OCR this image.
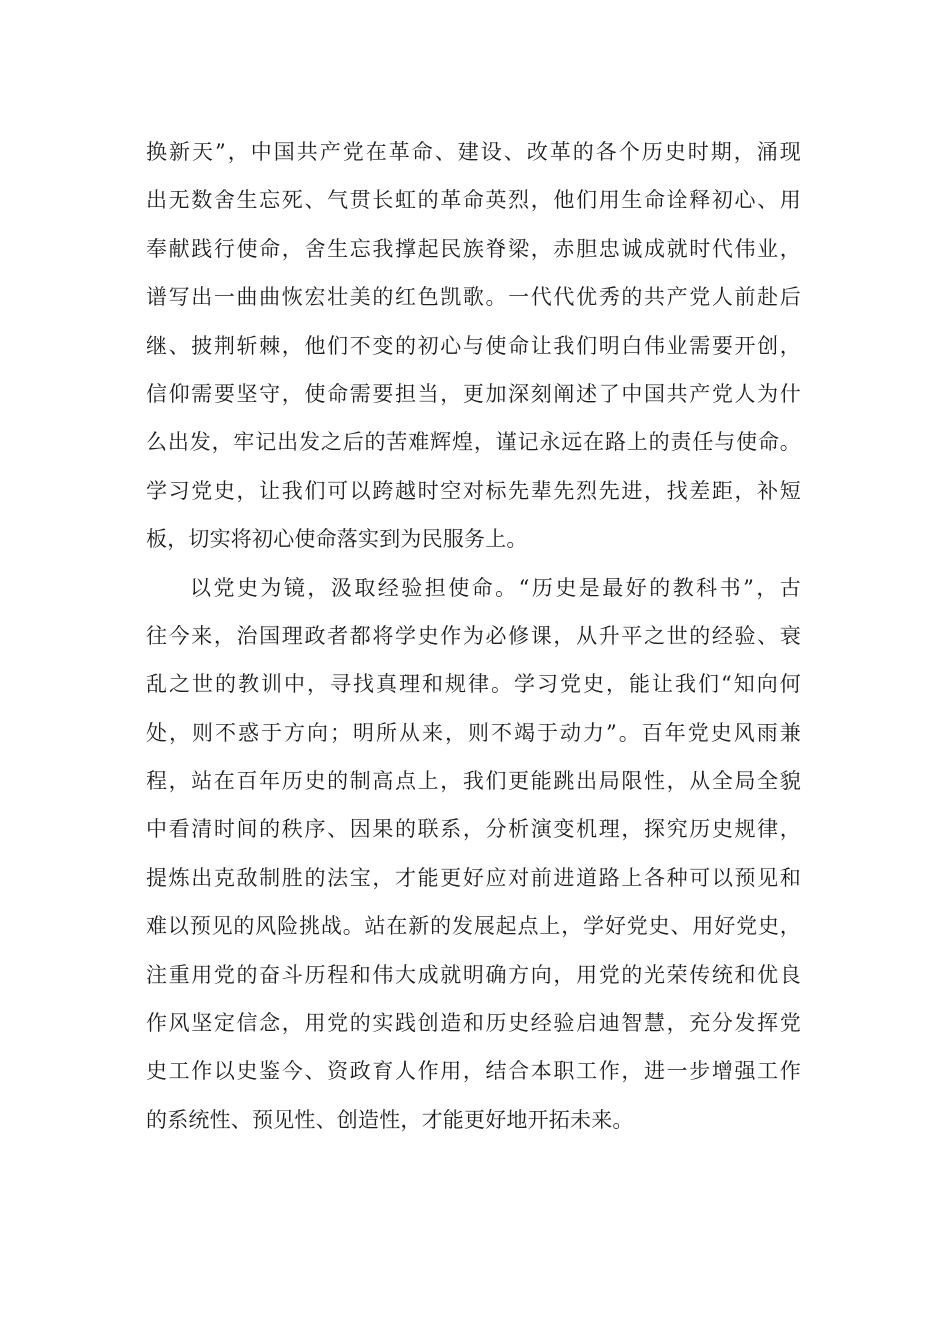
换新天”，中国共产党在革命、建设、改革的各个历史时期，涌现
出无数舍生忘死、气贯长虹的革命英烈，他们用生命诠释初心、用
奉献践行使命，舍生忘我撑起民族脊梁，赤胆忠诚成就时代伟业，
谱写出一曲曲恢宏壮美的红色凯歌。一代代优秀的共产党人前赴后
继、披荆斩棘，他们不变的初心与使命让我们明白伟业需要开创，
信仰需要坚守，使命需要担当，更加深刻阐述了中国共产党人为什
么出发，牢记出发之后的苦难辉煌，谨记永远在路上的责任与使命。
学习党史，让我们可以跨越时空对标先辈先烈先进，找差距，补短
板，切实将初心使命落实到为民服务上。
以党史为镜，汲取经验担使命。“历史是最好的教科书”，古
往今来，治国理政者都将学史作为必修课，从升平之世的经验、衰
乱之世的教训中，寻找真理和规律。学习党史，能让我们“知向何
处，则不惑于方向；明所从来，则不竭于动力”。百年党史风雨兼
程，站在百年历史的制高点上，我们更能跳出局限性，从全局全貌
中看清时间的秩序、因果的联系，分析演变机理，探究历史规律，
提炼出克敌制胜的法宝，才能更好应对前进道路上各种可以预见和
难以预见的风险挑战。站在新的发展起点上，学好党史、用好党史，
注重用党的奋斗历程和伟大成就明确方向，用党的光荣传统和优良
作风坚定信念，用党的实践创造和历史经验启迪智慧，充分发挥党
史工作以史鉴今、资政育人作用，结合本职工作，进一步增强工作
的系统性、预见性、创造性，才能更好地开拓未来。
